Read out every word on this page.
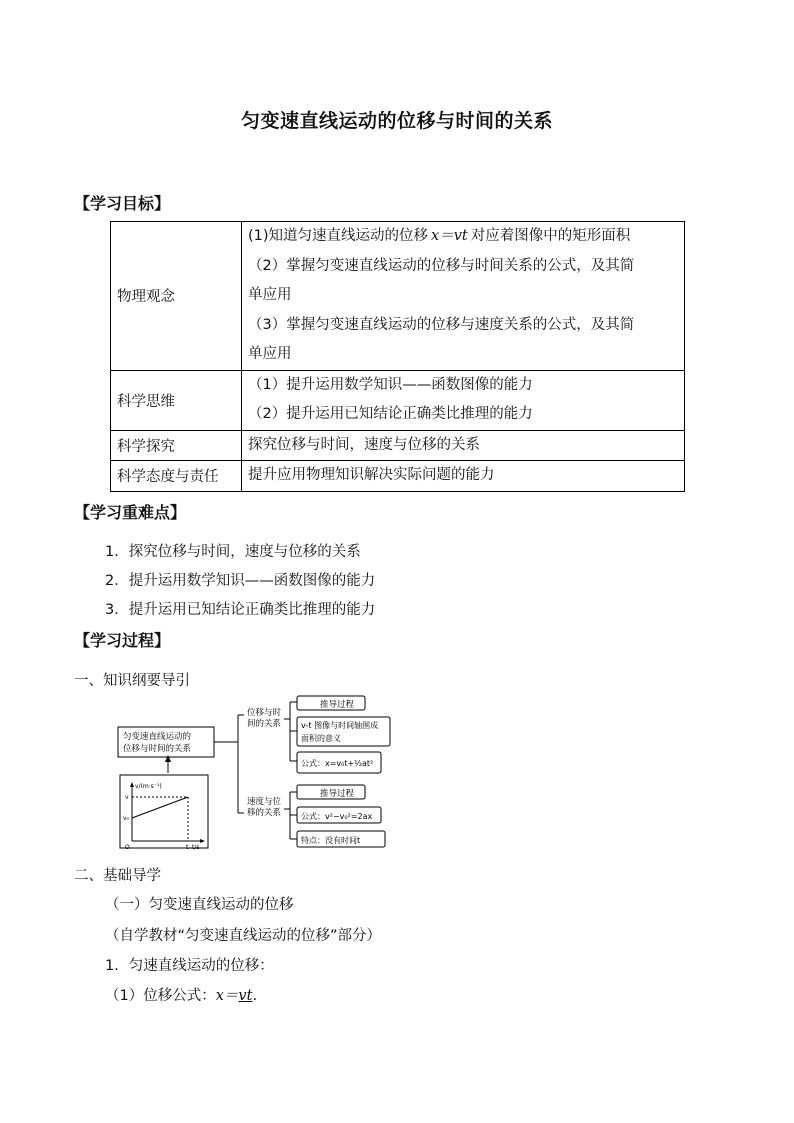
匀变速直线运动的位移与时间的关系
【学习目标】
物理观念	(1)知道匀速直线运动的位移 x＝vt 对应着图像中的矩形面积
（2）掌握匀变速直线运动的位移与时间关系的公式，及其简
单应用
（3）掌握匀变速直线运动的位移与速度关系的公式，及其简
单应用

科学思维	（1）提升运用数学知识——函数图像的能力
（2）提升运用已知结论正确类比推理的能力

科学探究	探究位移与时间，速度与位移的关系
科学态度与责任	提升应用物理知识解决实际问题的能力
【学习重难点】
1．探究位移与时间，速度与位移的关系
2．提升运用数学知识——函数图像的能力
3．提升运用已知结论正确类比推理的能力
【学习过程】
一、知识纲要导引
匀变速直线运动的
位移与时间的关系
位移与时
间的关系
速度与位
移的关系
推导过程
v-t 图像与时间轴围成
面积的意义
公式：x=v₀t+½at²
推导过程
公式：v²−v₀²=2ax
特点：没有时间t
v/(m·s⁻¹)
t/s
O
v
v₀
t
二、基础导学
（一）匀变速直线运动的位移
（自学教材“匀变速直线运动的位移”部分）
1．匀速直线运动的位移：
（1）位移公式：x＝vt.
